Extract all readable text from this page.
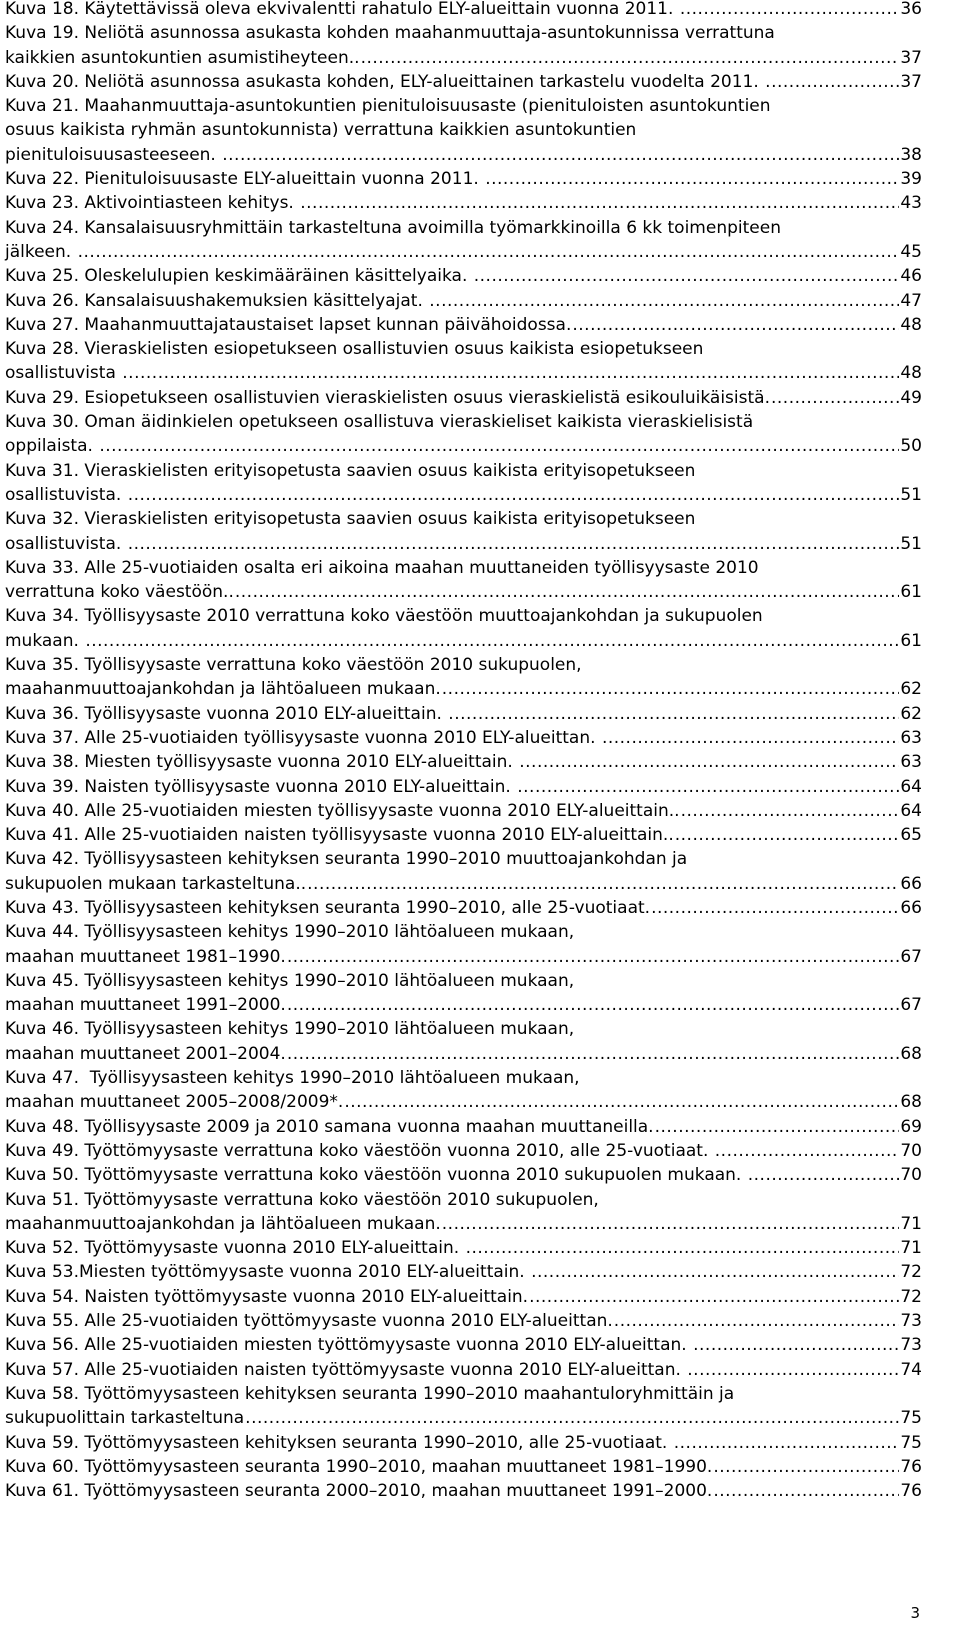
Kuva 18. Käytettävissä oleva ekvivalentti rahatulo ELY-alueittain vuonna 2011. .....	36
Kuva 19. Neliötä asunnossa asukasta kohden maahanmuuttaja-asuntokunnissa verrattuna
kaikkien asuntokuntien asumistiheyteen.. .....	37
Kuva 20. Neliötä asunnossa asukasta kohden, ELY-alueittainen tarkastelu vuodelta 2011. .....	37
Kuva 21. Maahanmuuttaja-asuntokuntien pienituloisuusaste (pienituloisten asuntokuntien
osuus kaikista ryhmän asuntokunnista) verrattuna kaikkien asuntokuntien
pienituloisuusasteeseen. .....	38
Kuva 22. Pienituloisuusaste ELY-alueittain vuonna 2011. .....	39
Kuva 23. Aktivointiasteen kehitys. .....	43
Kuva 24. Kansalaisuusryhmittäin tarkasteltuna avoimilla työmarkkinoilla 6 kk toimenpiteen
jälkeen. .....	45
Kuva 25. Oleskelulupien keskimääräinen käsittelyaika. .....	46
Kuva 26. Kansalaisuushakemuksien käsittelyajat. .....	47
Kuva 27. Maahanmuuttajataustaiset lapset kunnan päivähoidossa. .....	48
Kuva 28. Vieraskielisten esiopetukseen osallistuvien osuus kaikista esiopetukseen
osallistuvista .....	48
Kuva 29. Esiopetukseen osallistuvien vieraskielisten osuus vieraskielistä esikouluikäisistä. .....	49
Kuva 30. Oman äidinkielen opetukseen osallistuva vieraskieliset kaikista vieraskielisistä
oppilaista. .....	50
Kuva 31. Vieraskielisten erityisopetusta saavien osuus kaikista erityisopetukseen
osallistuvista. .....	51
Kuva 32. Vieraskielisten erityisopetusta saavien osuus kaikista erityisopetukseen
osallistuvista. .....	51
Kuva 33. Alle 25-vuotiaiden osalta eri aikoina maahan muuttaneiden työllisyysaste 2010
verrattuna koko väestöön.. .....	61
Kuva 34. Työllisyysaste 2010 verrattuna koko väestöön muuttoajankohdan ja sukupuolen
mukaan. .....	61
Kuva 35. Työllisyysaste verrattuna koko väestöön 2010 sukupuolen,
maahanmuuttoajankohdan ja lähtöalueen mukaan. .....	62
Kuva 36. Työllisyysaste vuonna 2010 ELY-alueittain. .....	62
Kuva 37. Alle 25-vuotiaiden työllisyysaste vuonna 2010 ELY-alueittan. .....	63
Kuva 38. Miesten työllisyysaste vuonna 2010 ELY-alueittain. .....	63
Kuva 39. Naisten työllisyysaste vuonna 2010 ELY-alueittain. .....	64
Kuva 40. Alle 25-vuotiaiden miesten työllisyysaste vuonna 2010 ELY-alueittain.. .....	64
Kuva 41. Alle 25-vuotiaiden naisten työllisyysaste vuonna 2010 ELY-alueittain.. .....	65
Kuva 42. Työllisyysasteen kehityksen seuranta 1990–2010 muuttoajankohdan ja
sukupuolen mukaan tarkasteltuna.. .....	66
Kuva 43. Työllisyysasteen kehityksen seuranta 1990–2010, alle 25-vuotiaat. .....	66
Kuva 44. Työllisyysasteen kehitys 1990–2010 lähtöalueen mukaan,
maahan muuttaneet 1981–1990. .....	67
Kuva 45. Työllisyysasteen kehitys 1990–2010 lähtöalueen mukaan,
maahan muuttaneet 1991–2000. .....	67
Kuva 46. Työllisyysasteen kehitys 1990–2010 lähtöalueen mukaan,
maahan muuttaneet 2001–2004. .....	68
Kuva 47.  Työllisyysasteen kehitys 1990–2010 lähtöalueen mukaan,
maahan muuttaneet 2005–2008/2009*. .....	68
Kuva 48. Työllisyysaste 2009 ja 2010 samana vuonna maahan muuttaneilla. .....	69
Kuva 49. Työttömyysaste verrattuna koko väestöön vuonna 2010, alle 25-vuotiaat. .....	70
Kuva 50. Työttömyysaste verrattuna koko väestöön vuonna 2010 sukupuolen mukaan. .....	70
Kuva 51. Työttömyysaste verrattuna koko väestöön 2010 sukupuolen,
maahanmuuttoajankohdan ja lähtöalueen mukaan. .....	71
Kuva 52. Työttömyysaste vuonna 2010 ELY-alueittain. .....	71
Kuva 53.Miesten työttömyysaste vuonna 2010 ELY-alueittain. .....	72
Kuva 54. Naisten työttömyysaste vuonna 2010 ELY-alueittain. .....	72
Kuva 55. Alle 25-vuotiaiden työttömyysaste vuonna 2010 ELY-alueittan. .....	73
Kuva 56. Alle 25-vuotiaiden miesten työttömyysaste vuonna 2010 ELY-alueittan. .....	73
Kuva 57. Alle 25-vuotiaiden naisten työttömyysaste vuonna 2010 ELY-alueittan. .....	74
Kuva 58. Työttömyysasteen kehityksen seuranta 1990–2010 maahantuloryhmittäin ja
sukupuolittain tarkasteltuna .....	75
Kuva 59. Työttömyysasteen kehityksen seuranta 1990–2010, alle 25-vuotiaat. .....	75
Kuva 60. Työttömyysasteen seuranta 1990–2010, maahan muuttaneet 1981–1990. .....	76
Kuva 61. Työttömyysasteen seuranta 2000–2010, maahan muuttaneet 1991–2000. .....	76
3
